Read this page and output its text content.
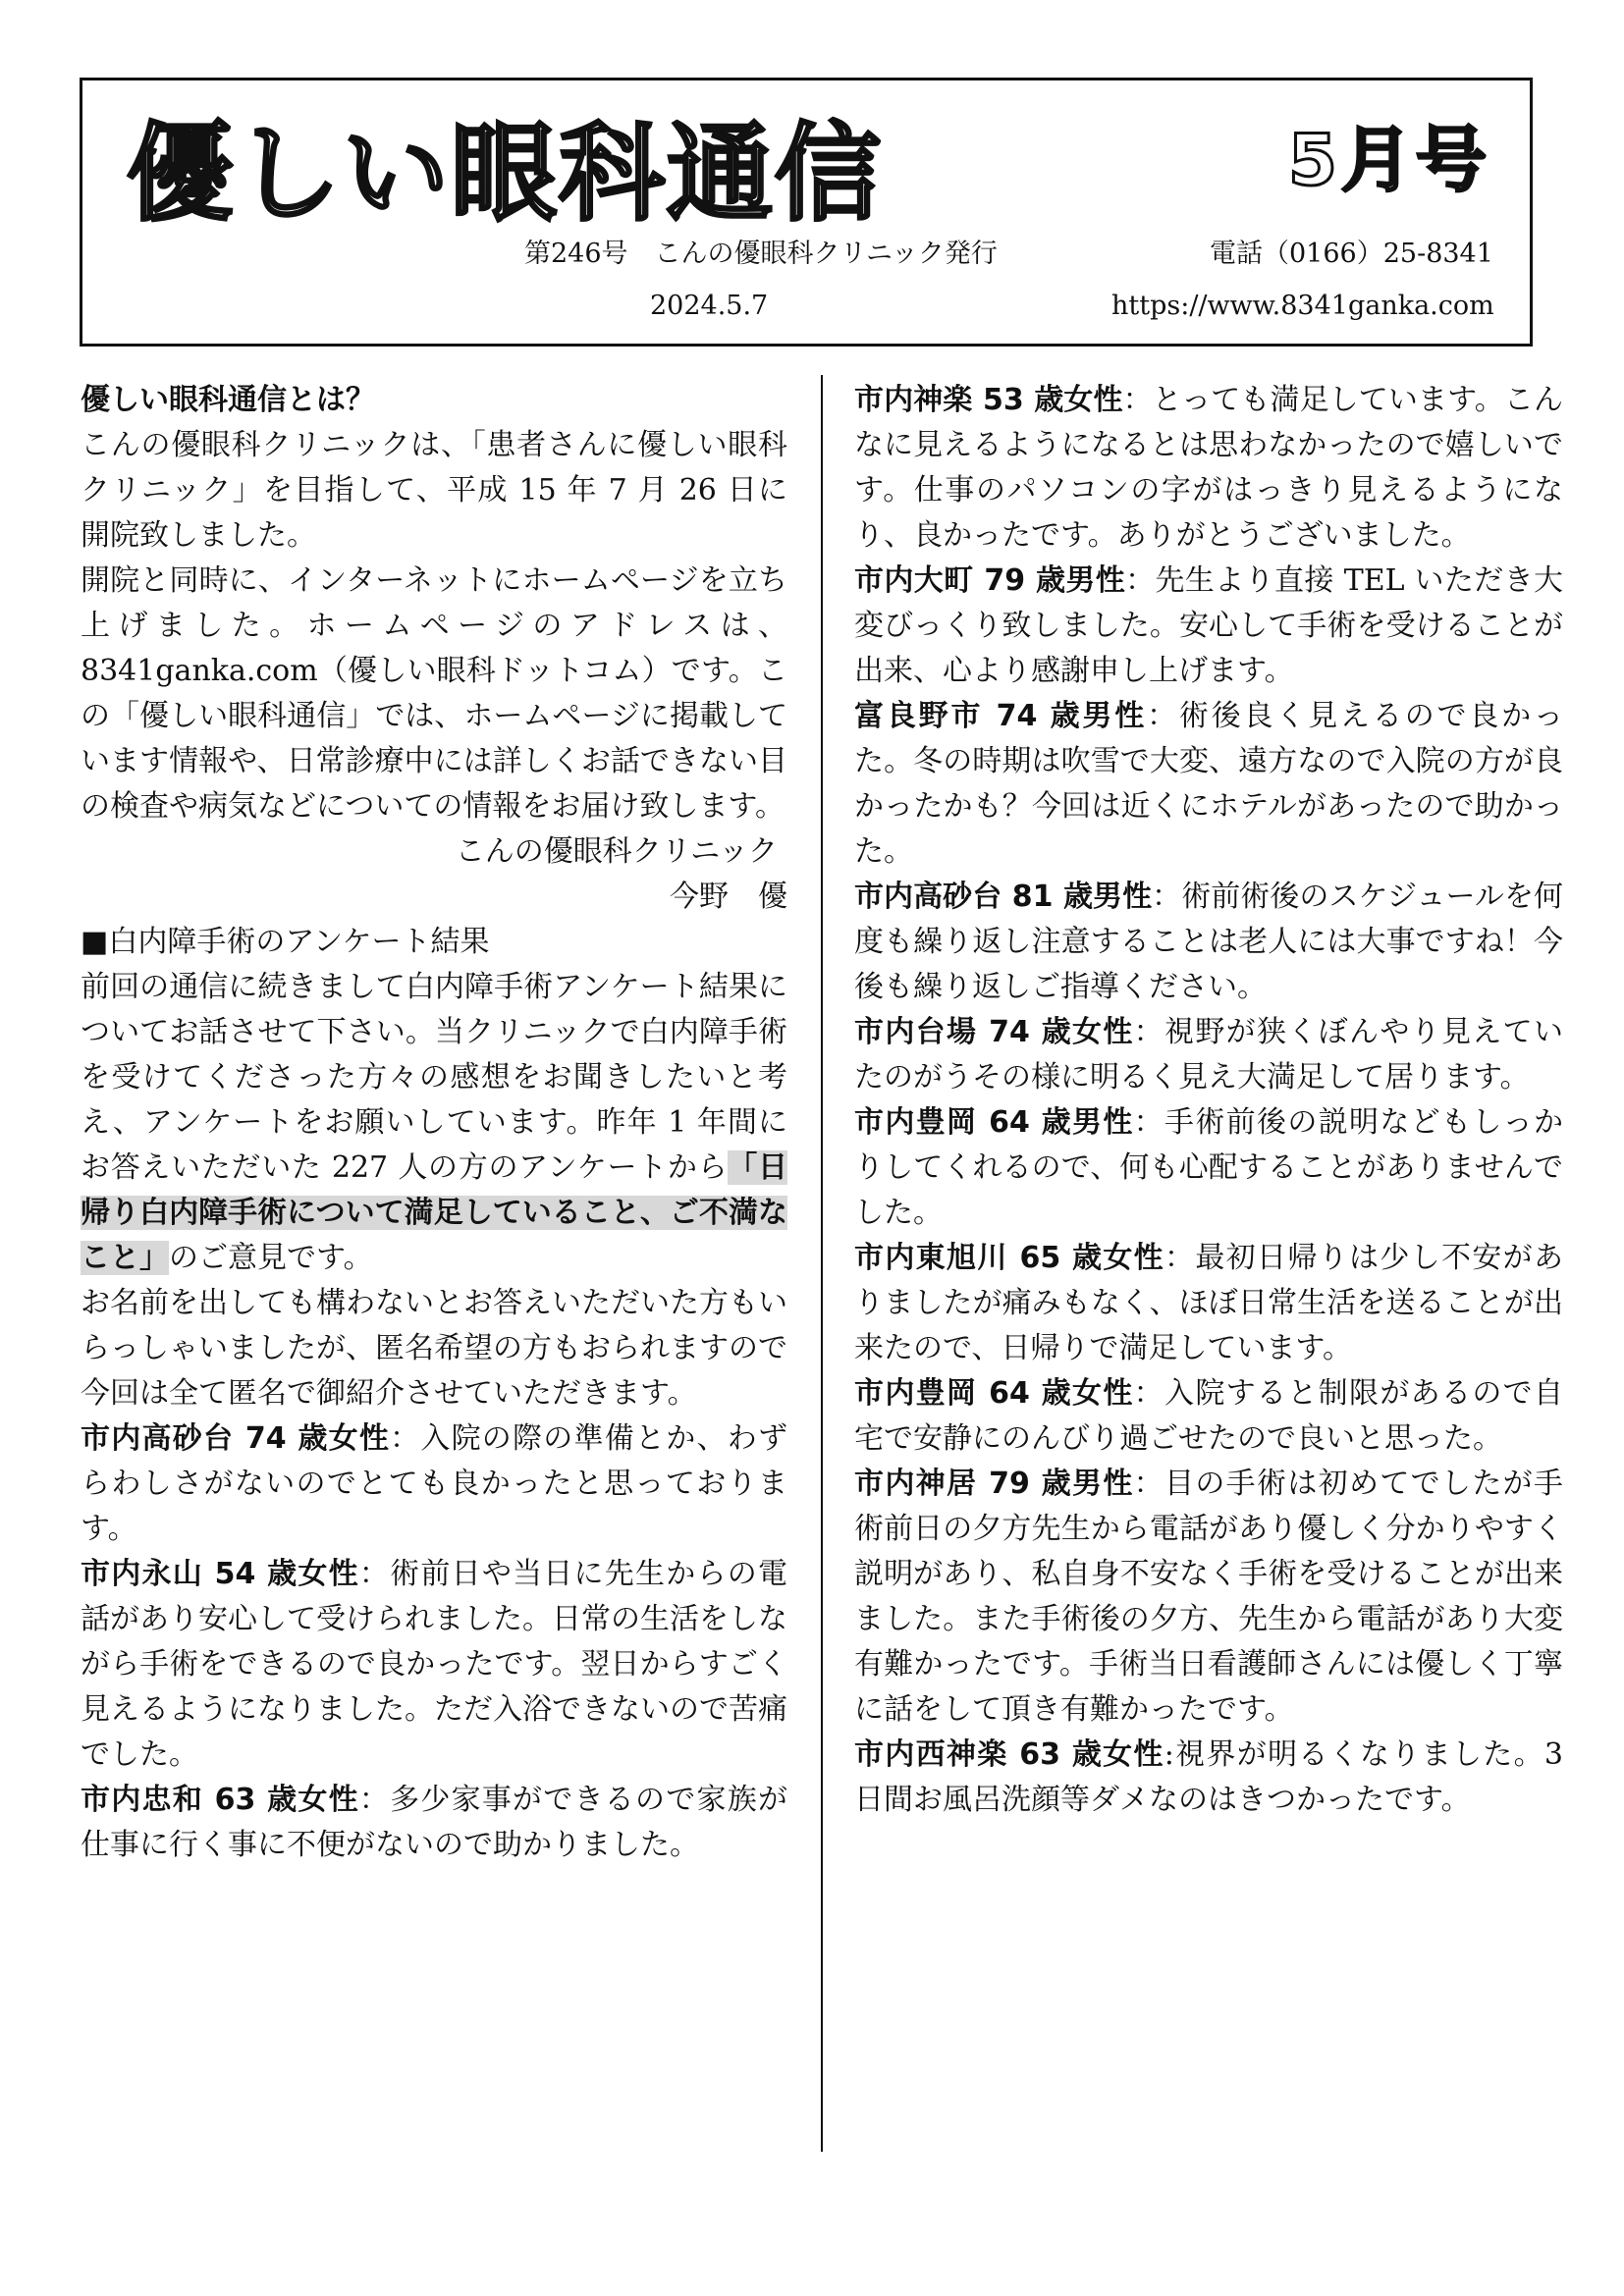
優しい眼科通信	5月号
第246号　こんの優眼科クリニック発行	電話（0166）25-8341
2024.5.7	https://www.8341ganka.com

優しい眼科通信とは？

こんの優眼科クリニックは、「患者さんに優しい眼科クリニック」を目指して、平成 15 年 7 月 26 日に開院致しました。

開院と同時に、インターネットにホームページを立ち上げました。ホームページのアドレスは、8341ganka.com（優しい眼科ドットコム）です。この「優しい眼科通信」では、ホームページに掲載しています情報や、日常診療中には詳しくお話できない目の検査や病気などについての情報をお届け致します。

こんの優眼科クリニック

今野　優

■白内障手術のアンケート結果

前回の通信に続きまして白内障手術アンケート結果についてお話させて下さい。当クリニックで白内障手術を受けてくださった方々の感想をお聞きしたいと考え、アンケートをお願いしています。昨年 1 年間にお答えいただいた 227 人の方のアンケートから「日帰り白内障手術について満足していること、ご不満なこと」のご意見です。

お名前を出しても構わないとお答えいただいた方もいらっしゃいましたが、匿名希望の方もおられますので今回は全て匿名で御紹介させていただきます。

市内高砂台 74 歳女性：入院の際の準備とか、わずらわしさがないのでとても良かったと思っております。

市内永山 54 歳女性：術前日や当日に先生からの電話があり安心して受けられました。日常の生活をしながら手術をできるので良かったです。翌日からすごく見えるようになりました。ただ入浴できないので苦痛でした。

市内忠和 63 歳女性：多少家事ができるので家族が仕事に行く事に不便がないので助かりました。

市内神楽 53 歳女性：とっても満足しています。こんなに見えるようになるとは思わなかったので嬉しいです。仕事のパソコンの字がはっきり見えるようになり、良かったです。ありがとうございました。

市内大町 79 歳男性：先生より直接 TEL いただき大変びっくり致しました。安心して手術を受けることが出来、心より感謝申し上げます。

富良野市 74 歳男性：術後良く見えるので良かった。冬の時期は吹雪で大変、遠方なので入院の方が良かったかも？今回は近くにホテルがあったので助かった。

市内高砂台 81 歳男性：術前術後のスケジュールを何度も繰り返し注意することは老人には大事ですね！今後も繰り返しご指導ください。

市内台場 74 歳女性：視野が狭くぼんやり見えていたのがうその様に明るく見え大満足して居ります。

市内豊岡 64 歳男性：手術前後の説明などもしっかりしてくれるので、何も心配することがありませんでした。

市内東旭川 65 歳女性：最初日帰りは少し不安がありましたが痛みもなく、ほぼ日常生活を送ることが出来たので、日帰りで満足しています。

市内豊岡 64 歳女性：入院すると制限があるので自宅で安静にのんびり過ごせたので良いと思った。

市内神居 79 歳男性：目の手術は初めてでしたが手術前日の夕方先生から電話があり優しく分かりやすく説明があり、私自身不安なく手術を受けることが出来ました。また手術後の夕方、先生から電話があり大変有難かったです。手術当日看護師さんには優しく丁寧に話をして頂き有難かったです。

市内西神楽 63 歳女性:視界が明るくなりました。3 日間お風呂洗顔等ダメなのはきつかったです。
